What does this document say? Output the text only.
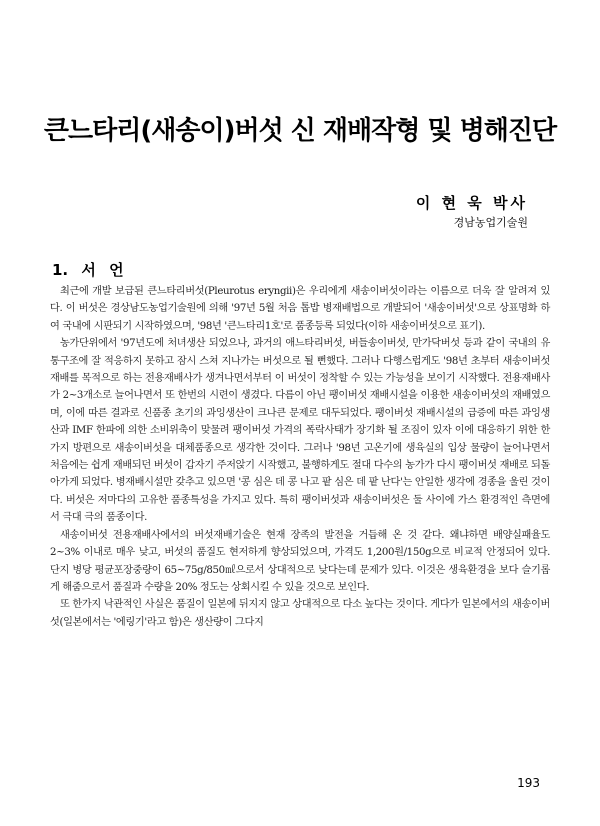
큰느타리(새송이)버섯 신 재배작형 및 병해진단
이 현 욱 박사
경남농업기술원
1. 서 언

최근에 개발 보급된 큰느타리버섯(Pleurotus eryngii)은 우리에게 새송이버섯이라는 이름으로 더욱 잘 알려져 있다. 이 버섯은 경상남도농업기술원에 의해 '97년 5월 처음 톱밥 병재배법으로 개발되어 '새송이버섯'으로 상표명화 하여 국내에 시판되기 시작하였으며, '98년 '큰느타리1호'로 품종등록 되었다(이하 새송이버섯으로 표기).

농가단위에서 '97년도에 처녀생산 되었으나, 과거의 애느타리버섯, 버들송이버섯, 만가닥버섯 등과 같이 국내의 유통구조에 잘 적응하지 못하고 잠시 스쳐 지나가는 버섯으로 될 뻔했다. 그러나 다행스럽게도 '98년 초부터 새송이버섯 재배를 목적으로 하는 전용재배사가 생겨나면서부터 이 버섯이 정착할 수 있는 가능성을 보이기 시작했다. 전용재배사가 2~3개소로 늘어나면서 또 한번의 시련이 생겼다. 다름이 아닌 팽이버섯 재배시설을 이용한 새송이버섯의 재배였으며, 이에 따른 결과로 신품종 초기의 과잉생산이 크나큰 문제로 대두되었다. 팽이버섯 재배시설의 급증에 따른 과잉생산과 IMF 한파에 의한 소비위축이 맞물려 팽이버섯 가격의 폭락사태가 장기화 될 조짐이 있자 이에 대응하기 위한 한가지 방편으로 새송이버섯을 대체품종으로 생각한 것이다. 그러나 '98년 고온기에 생육실의 입상 물량이 늘어나면서 처음에는 쉽게 재배되던 버섯이 갑자기 주저앉기 시작했고, 불행하게도 절대 다수의 농가가 다시 팽이버섯 재배로 되돌아가게 되었다. 병재배시설만 갖추고 있으면 '콩 심은 데 콩 나고 팥 심은 데 팥 난다'는 안일한 생각에 경종을 울린 것이다. 버섯은 저마다의 고유한 품종특성을 가지고 있다. 특히 팽이버섯과 새송이버섯은 둘 사이에 가스 환경적인 측면에서 극대 극의 품종이다.

새송이버섯 전용재배사에서의 버섯재배기술은 현재 장족의 발전을 거듭해 온 것 같다. 왜냐하면 배양실패율도 2~3% 이내로 매우 낮고, 버섯의 품질도 현저하게 향상되었으며, 가격도 1,200원/150g으로 비교적 안정되어 있다. 단지 병당 평균포장중량이 65~75g/850㎖으로서 상대적으로 낮다는데 문제가 있다. 이것은 생육환경을 보다 슬기롭게 해줌으로서 품질과 수량을 20% 정도는 상회시킬 수 있을 것으로 보인다.

또 한가지 낙관적인 사실은 품질이 일본에 뒤지지 않고 상대적으로 다소 높다는 것이다. 게다가 일본에서의 새송이버섯(일본에서는 '에링기'라고 함)은 생산량이 그다지

193
